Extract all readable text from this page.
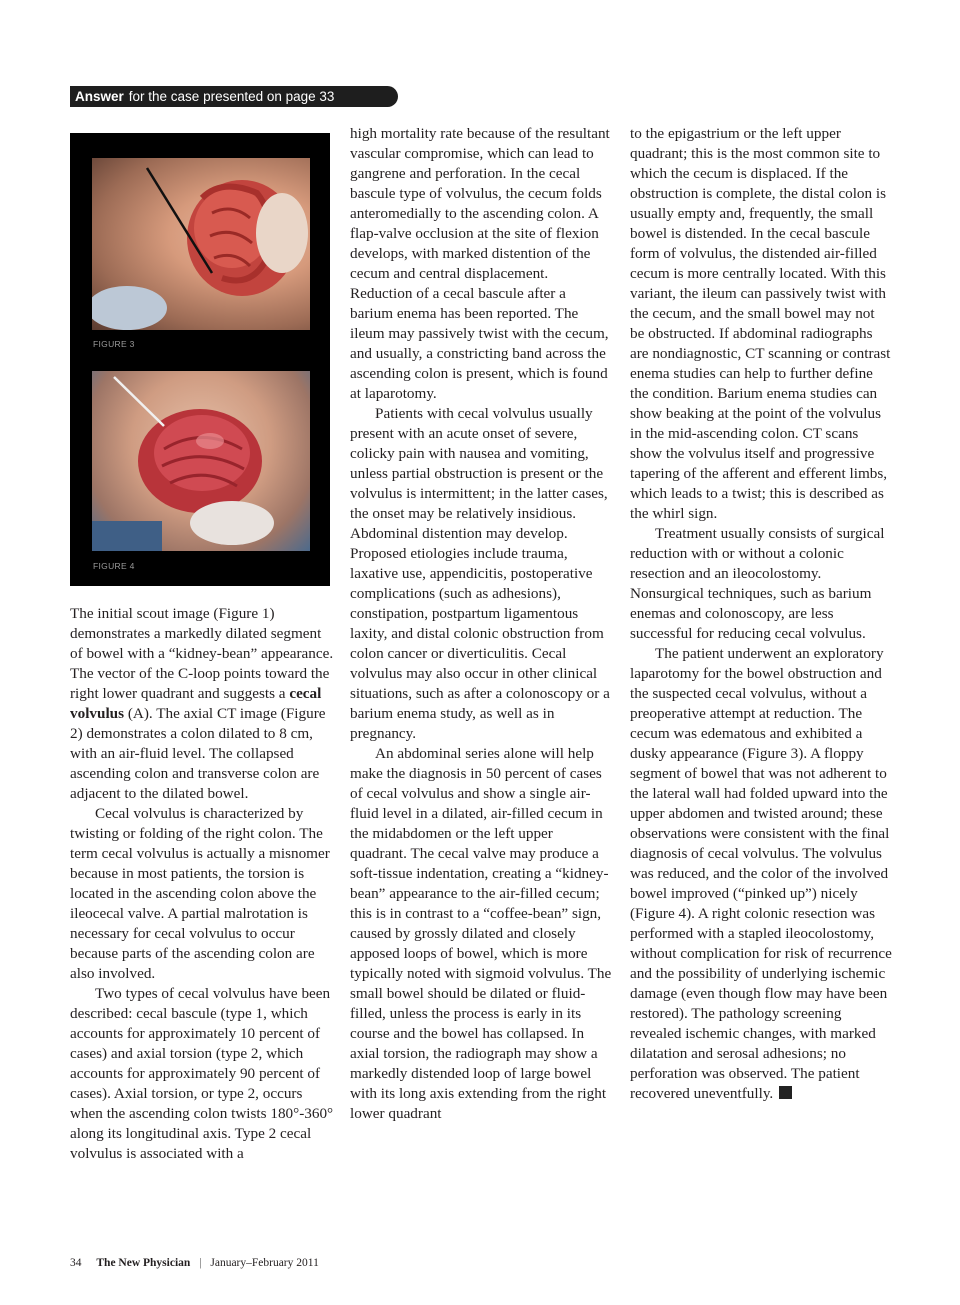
Answer for the case presented on page 33
FIGURE 3
FIGURE 4

The initial scout image (Figure 1) demonstrates a markedly dilated segment of bowel with a “kidney-bean” appearance. The vector of the C-loop points toward the right lower quadrant and suggests a cecal volvulus (A). The axial CT image (Figure 2) demonstrates a colon dilated to 8 cm, with an air-fluid level. The collapsed ascending colon and transverse colon are adjacent to the dilated bowel.

Cecal volvulus is characterized by twisting or folding of the right colon. The term cecal volvulus is actually a misnomer because in most patients, the torsion is located in the ascending colon above the ileocecal valve. A partial malrotation is necessary for cecal volvulus to occur because parts of the ascending colon are also involved.

Two types of cecal volvulus have been described: cecal bascule (type 1, which accounts for approximately 10 percent of cases) and axial torsion (type 2, which accounts for approximately 90 percent of cases). Axial torsion, or type 2, occurs when the ascending colon twists 180°-360° along its longitudinal axis. Type 2 cecal volvulus is associated with a

high mortality rate because of the resultant vascular compromise, which can lead to gangrene and perforation. In the cecal bascule type of volvulus, the cecum folds anteromedially to the ascending colon. A flap-valve occlusion at the site of flexion develops, with marked distention of the cecum and central displacement. Reduction of a cecal bascule after a barium enema has been reported. The ileum may passively twist with the cecum, and usually, a constricting band across the ascending colon is present, which is found at laparotomy.

Patients with cecal volvulus usually present with an acute onset of severe, colicky pain with nausea and vomiting, unless partial obstruction is present or the volvulus is intermittent; in the latter cases, the onset may be relatively insidious. Abdominal distention may develop. Proposed etiologies include trauma, laxative use, appendicitis, postoperative complications (such as adhesions), constipation, postpartum ligamentous laxity, and distal colonic obstruction from colon cancer or diverticulitis. Cecal volvulus may also occur in other clinical situations, such as after a colonoscopy or a barium enema study, as well as in pregnancy.

An abdominal series alone will help make the diagnosis in 50 percent of cases of cecal volvulus and show a single air-fluid level in a dilated, air-filled cecum in the midabdomen or the left upper quadrant. The cecal valve may produce a soft-tissue indentation, creating a “kidney-bean” appearance to the air-filled cecum; this is in contrast to a “coffee-bean” sign, caused by grossly dilated and closely apposed loops of bowel, which is more typically noted with sigmoid volvulus. The small bowel should be dilated or fluid-filled, unless the process is early in its course and the bowel has collapsed. In axial torsion, the radiograph may show a markedly distended loop of large bowel with its long axis extending from the right lower quadrant

to the epigastrium or the left upper quadrant; this is the most common site to which the cecum is displaced. If the obstruction is complete, the distal colon is usually empty and, frequently, the small bowel is distended. In the cecal bascule form of volvulus, the distended air-filled cecum is more centrally located. With this variant, the ileum can passively twist with the cecum, and the small bowel may not be obstructed. If abdominal radiographs are nondiagnostic, CT scanning or contrast enema studies can help to further define the condition. Barium enema studies can show beaking at the point of the volvulus in the mid-ascending colon. CT scans show the volvulus itself and progressive tapering of the afferent and efferent limbs, which leads to a twist; this is described as the whirl sign.

Treatment usually consists of surgical reduction with or without a colonic resection and an ileocolostomy. Nonsurgical techniques, such as barium enemas and colonoscopy, are less successful for reducing cecal volvulus.

The patient underwent an exploratory laparotomy for the bowel obstruction and the suspected cecal volvulus, without a preoperative attempt at reduction. The cecum was edematous and exhibited a dusky appearance (Figure 3). A floppy segment of bowel that was not adherent to the lateral wall had folded upward into the upper abdomen and twisted around; these observations were consistent with the final diagnosis of cecal volvulus. The volvulus was reduced, and the color of the involved bowel improved (“pinked up”) nicely (Figure 4). A right colonic resection was performed with a stapled ileocolostomy, without complication for risk of recurrence and the possibility of underlying ischemic damage (even though flow may have been restored). The pathology screening revealed ischemic changes, with marked dilatation and serosal adhesions; no perforation was observed. The patient recovered uneventfully.

34 The New Physician | January–February 2011
